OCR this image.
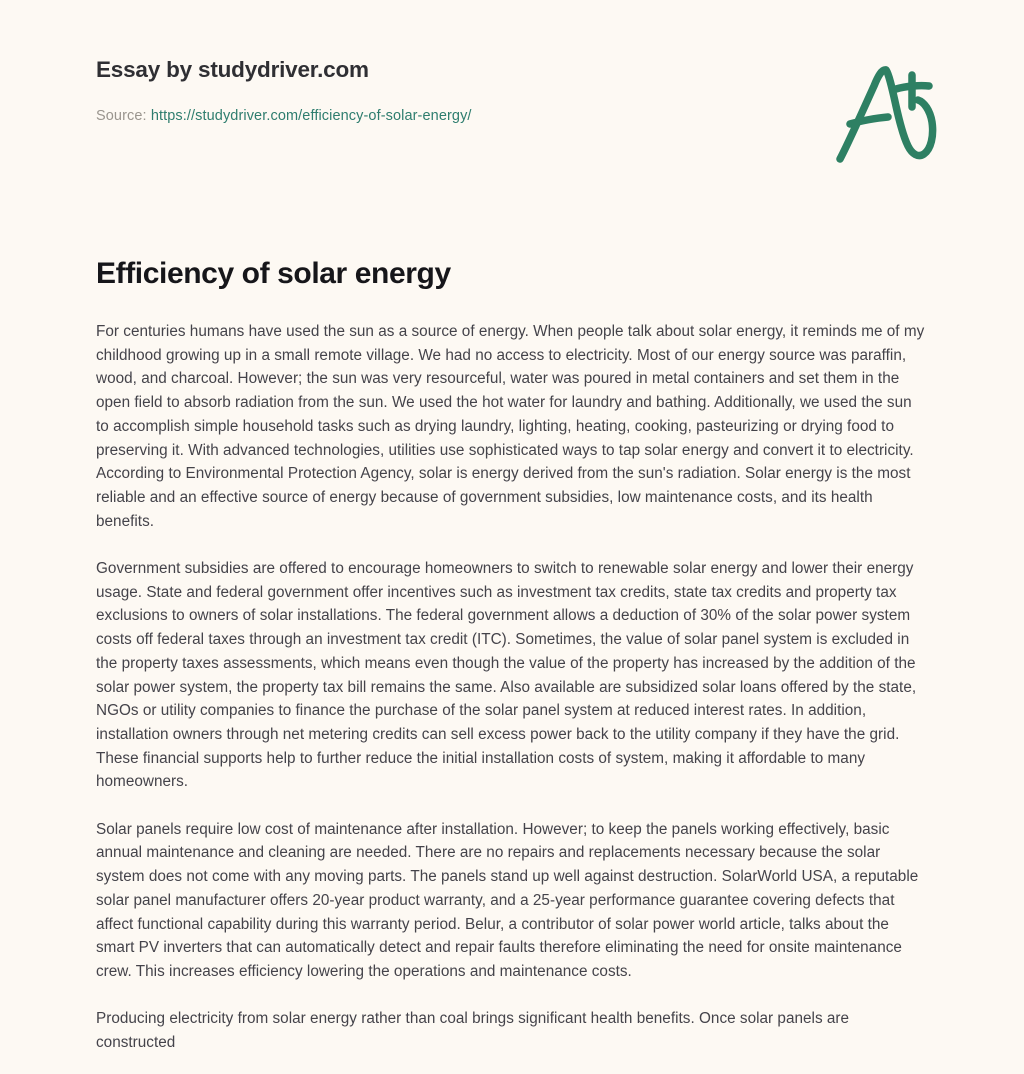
Essay by studydriver.com
Source: https://studydriver.com/efficiency-of-solar-energy/
Efficiency of solar energy

For centuries humans have used the sun as a source of energy. When people talk about solar energy, it reminds me of my childhood growing up in a small remote village. We had no access to electricity. Most of our energy source was paraffin, wood, and charcoal. However; the sun was very resourceful, water was poured in metal containers and set them in the open field to absorb radiation from the sun. We used the hot water for laundry and bathing. Additionally, we used the sun to accomplish simple household tasks such as drying laundry, lighting, heating, cooking, pasteurizing or drying food to preserving it. With advanced technologies, utilities use sophisticated ways to tap solar energy and convert it to electricity. According to Environmental Protection Agency, solar is energy derived from the sun's radiation. Solar energy is the most reliable and an effective source of energy because of government subsidies, low maintenance costs, and its health benefits.

Government subsidies are offered to encourage homeowners to switch to renewable solar energy and lower their energy usage. State and federal government offer incentives such as investment tax credits, state tax credits and property tax exclusions to owners of solar installations. The federal government allows a deduction of 30% of the solar power system costs off federal taxes through an investment tax credit (ITC). Sometimes, the value of solar panel system is excluded in the property taxes assessments, which means even though the value of the property has increased by the addition of the solar power system, the property tax bill remains the same. Also available are subsidized solar loans offered by the state, NGOs or utility companies to finance the purchase of the solar panel system at reduced interest rates. In addition, installation owners through net metering credits can sell excess power back to the utility company if they have the grid. These financial supports help to further reduce the initial installation costs of system, making it affordable to many homeowners.

Solar panels require low cost of maintenance after installation. However; to keep the panels working effectively, basic annual maintenance and cleaning are needed. There are no repairs and replacements necessary because the solar system does not come with any moving parts. The panels stand up well against destruction. SolarWorld USA, a reputable solar panel manufacturer offers 20-year product warranty, and a 25-year performance guarantee covering defects that affect functional capability during this warranty period. Belur, a contributor of solar power world article, talks about the smart PV inverters that can automatically detect and repair faults therefore eliminating the need for onsite maintenance crew. This increases efficiency lowering the operations and maintenance costs.

Producing electricity from solar energy rather than coal brings significant health benefits. Once solar panels are constructed
